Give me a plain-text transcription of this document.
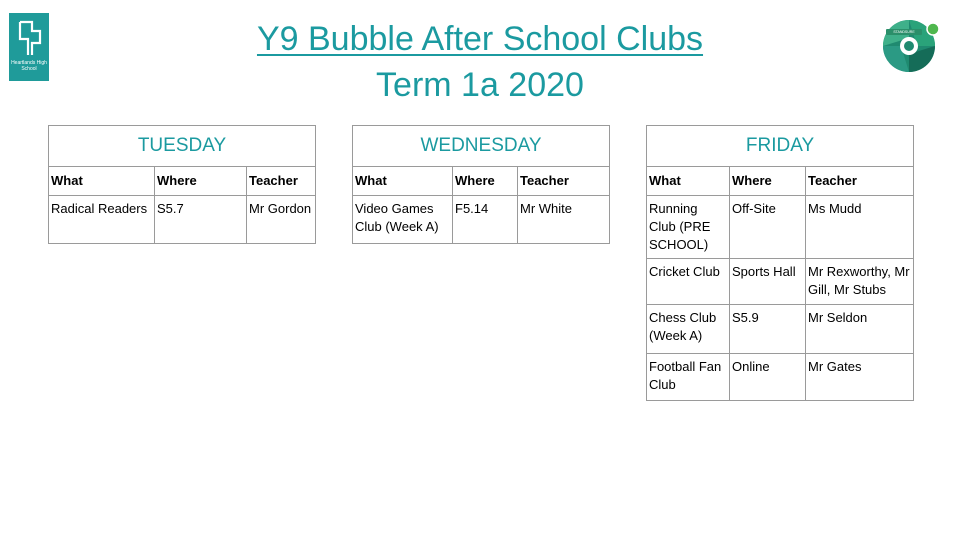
Heartlands High School
STANDSURE
Y9 Bubble After School Clubs
Term 1a 2020
TUESDAY		
What	Where	Teacher
Radical Readers	S5.7	Mr Gordon
WEDNESDAY		
What	Where	Teacher
Video Games Club (Week A)	F5.14	Mr White
FRIDAY		
What	Where	Teacher
Running Club (PRE SCHOOL)	Off-Site	Ms Mudd
Cricket Club	Sports Hall	Mr Rexworthy, Mr Gill, Mr Stubs
Chess Club (Week A)	S5.9	Mr Seldon
Football Fan Club	Online	Mr Gates
